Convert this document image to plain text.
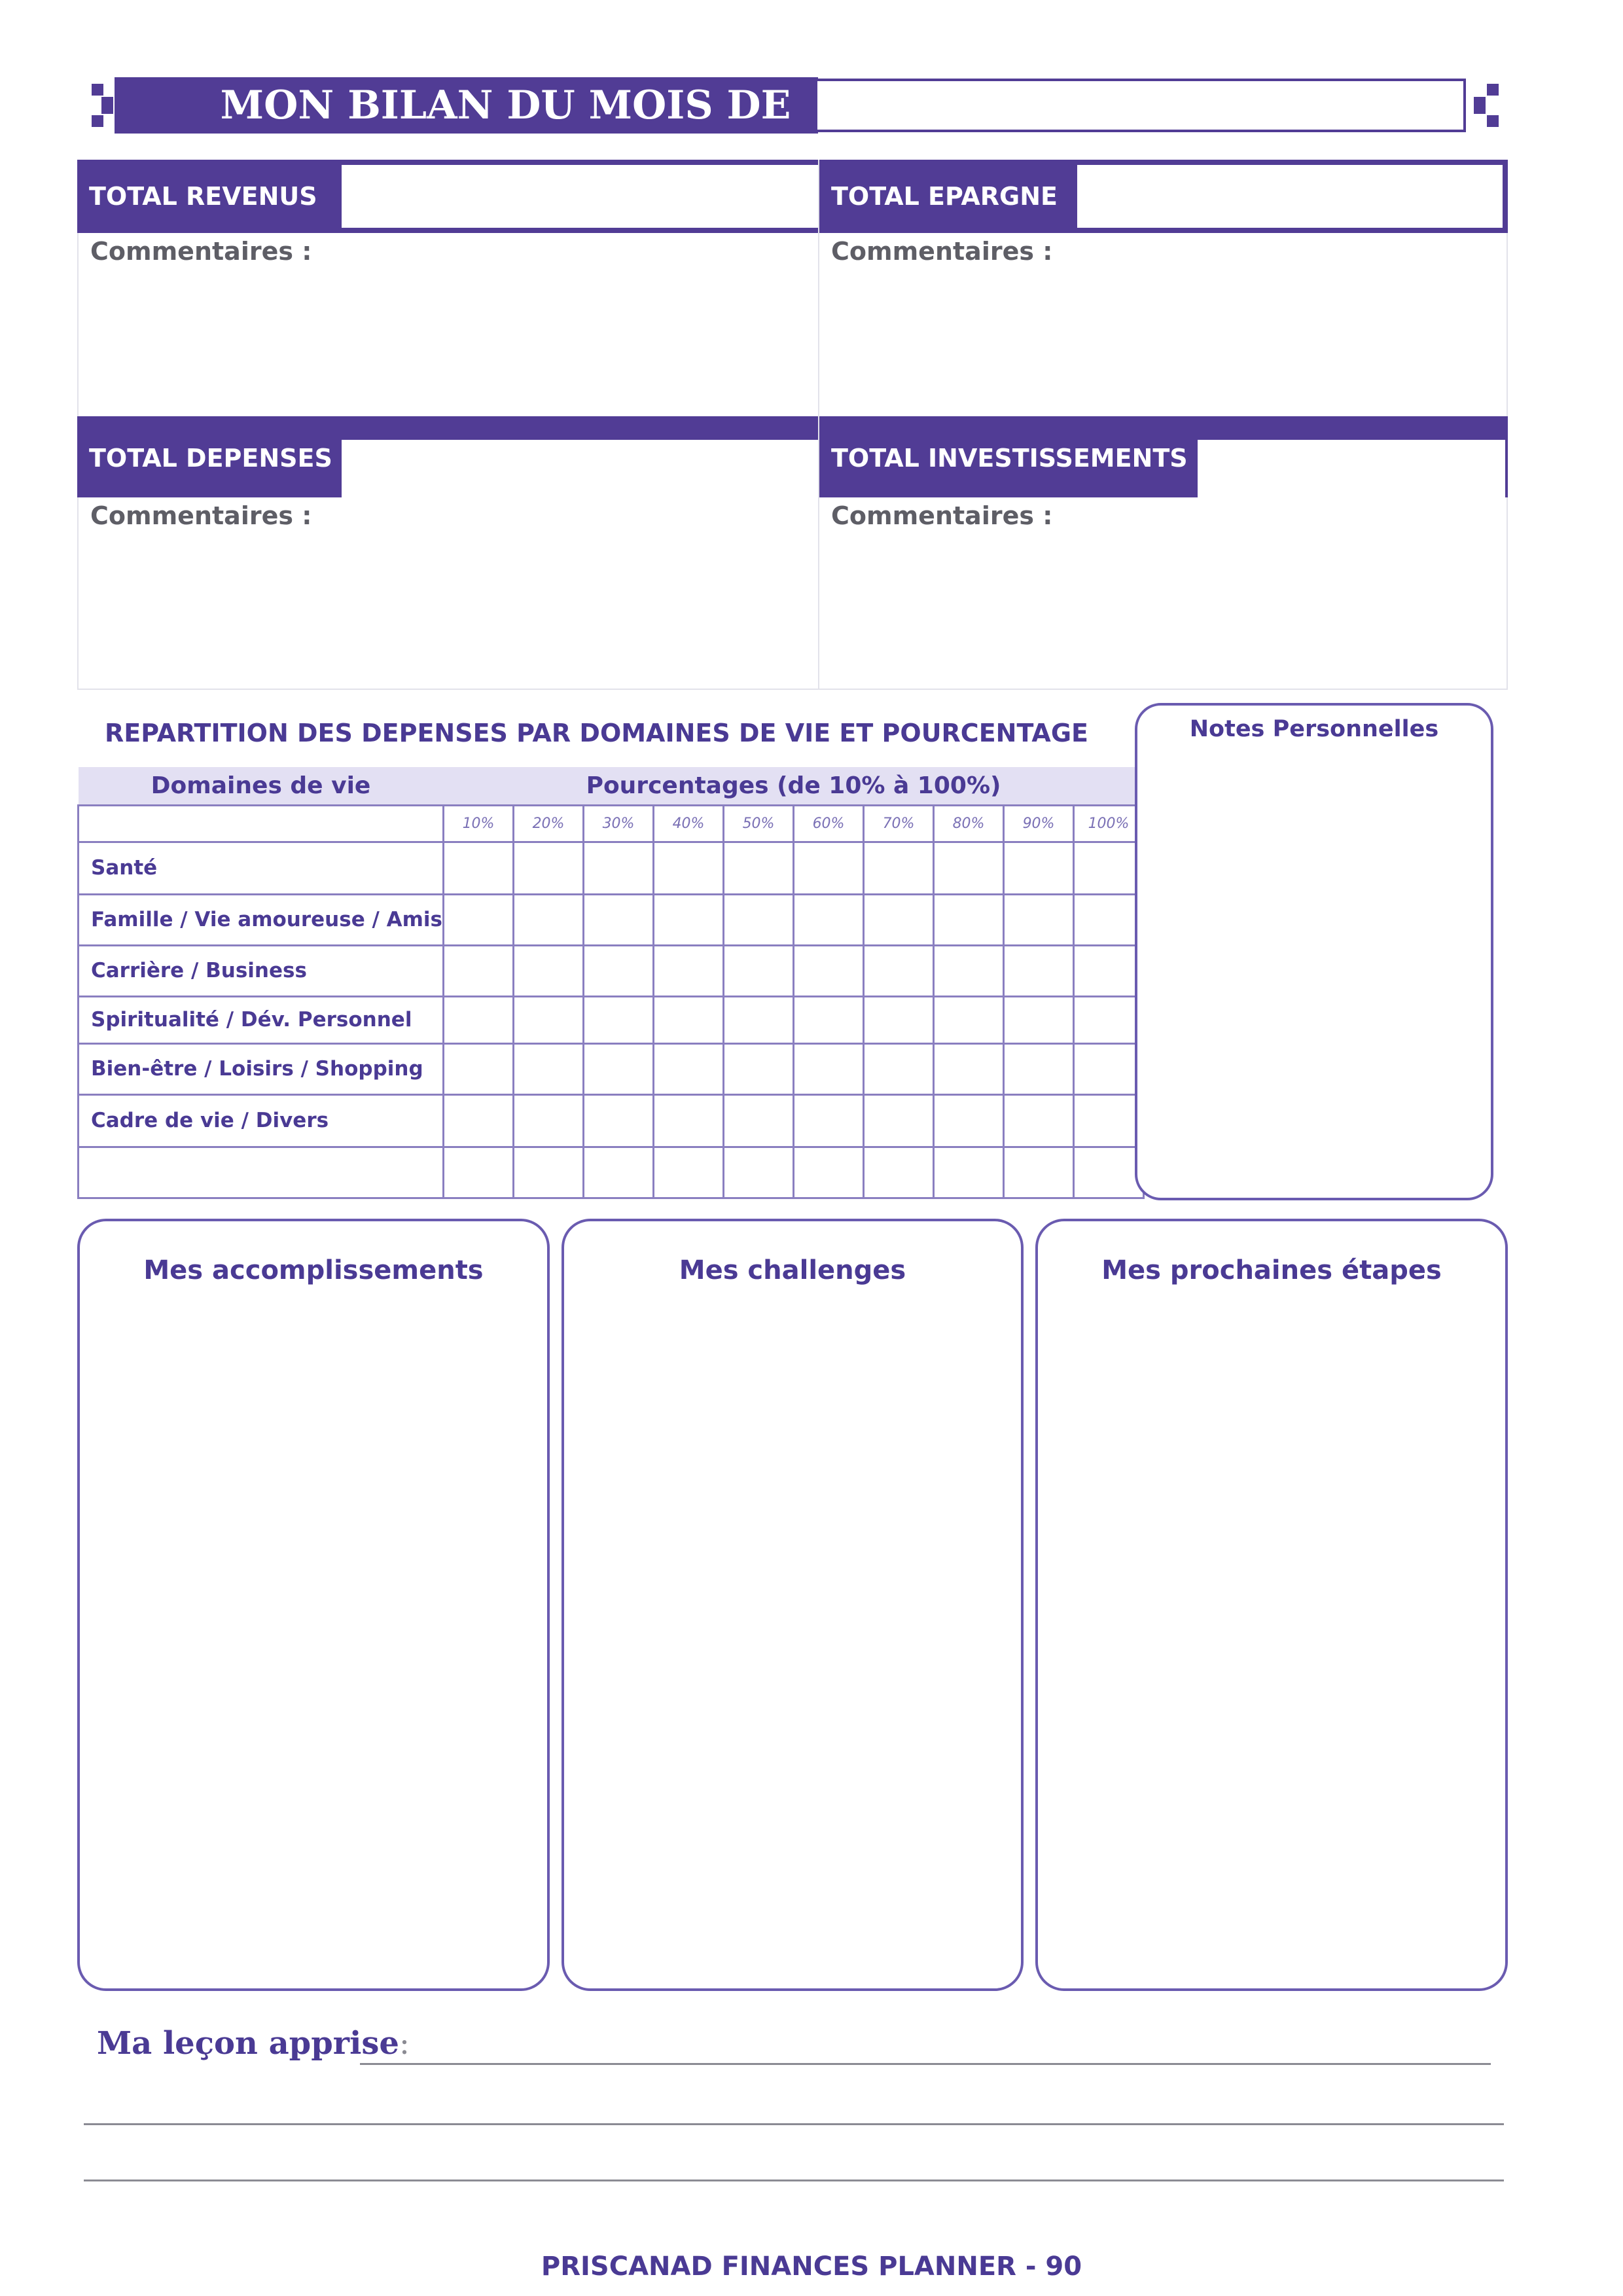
MON BILAN DU MOIS DE
TOTAL REVENUS
Commentaires :
TOTAL EPARGNE
Commentaires :
TOTAL DEPENSES
Commentaires :
TOTAL INVESTISSEMENTS
Commentaires :
REPARTITION DES DEPENSES PAR DOMAINES DE VIE ET POURCENTAGE
Domaines de vie	Pourcentages (de 10% à 100%)									
	10%	20%	30%	40%	50%	60%	70%	80%	90%	100%
Santé										
Famille / Vie amoureuse / Amis										
Carrière / Business										
Spiritualité / Dév. Personnel										
Bien-être / Loisirs / Shopping										
Cadre de vie / Divers										

Notes Personnelles
Mes accomplissements	Mes challenges	Mes prochaines étapes
Ma leçon apprise:
PRISCANAD FINANCES PLANNER - 90
